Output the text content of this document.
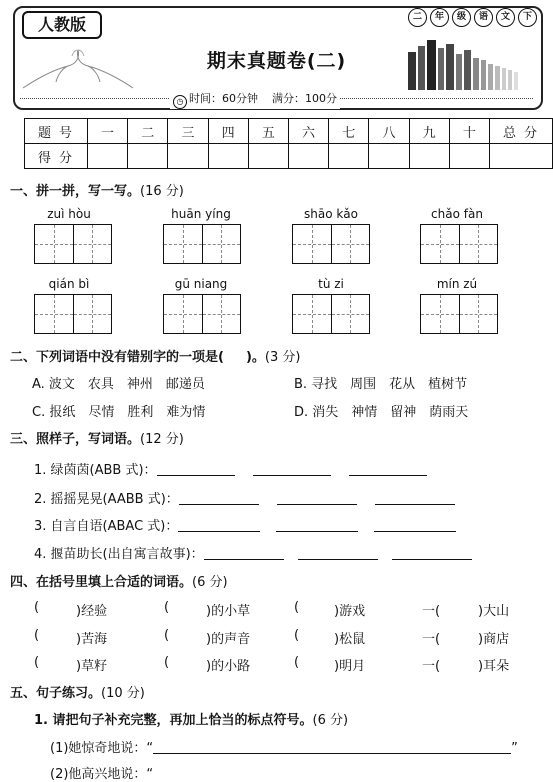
人教版	二	年	级	语	文	下
期末真题卷(二)
◷ 时间：60分钟 满分：100分
题号	一	二	三	四	五	六	七	八	九	十	总分
得分											
一、拼一拼，写一写。(16 分)
zuì hòu	huān yíng	shāo kǎo	chǎo fàn
qián bì	gū niang	tù zi	mín zú
二、下列词语中没有错别字的一项是( )。(3 分)
A. 波文　农具　神州　邮递员	B. 寻找　周围　花从　植树节
C. 报纸　尽情　胜利　难为情	D. 消失　神情　留神　荫雨天
三、照样子，写词语。(12 分)
1. 绿茵茵(ABB 式)：
2. 摇摇晃晃(AABB 式)：
3. 自言自语(ABAC 式)：
4. 揠苗助长(出自寓言故事)：
四、在括号里填上合适的词语。(6 分)
(	)经验	(	)的小草	(	)游戏	一(	)大山
(	)苦海	(	)的声音	(	)松鼠	一(	)商店
(	)草籽	(	)的小路	(	)明月	一(	)耳朵
五、句子练习。(10 分)
1. 请把句子补充完整，再加上恰当的标点符号。(6 分)
(1)她惊奇地说：“	”
(2)他高兴地说：“
